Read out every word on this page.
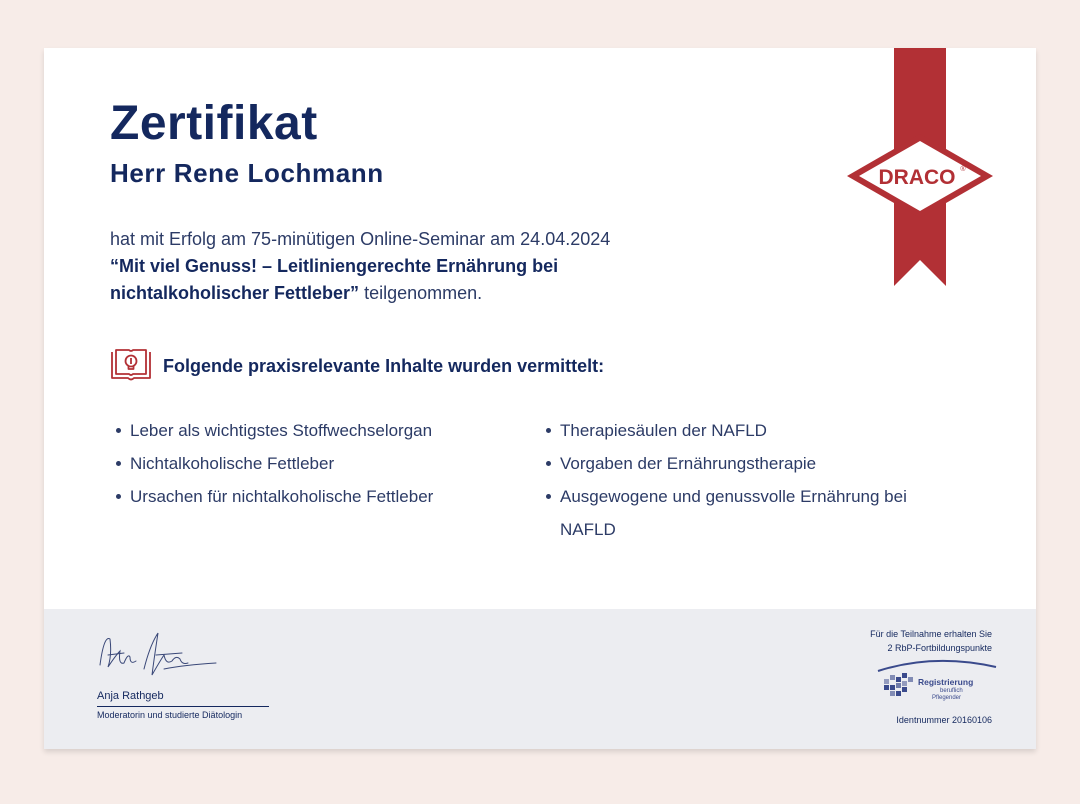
Zertifikat
Herr Rene Lochmann
hat mit Erfolg am 75-minütigen Online-Seminar am 24.04.2024
“Mit viel Genuss! – Leitliniengerechte Ernährung bei
nichtalkoholischer Fettleber” teilgenommen.
DRACO ®
Folgende praxisrelevante Inhalte wurden vermittelt:
Leber als wichtigstes Stoffwechselorgan
Nichtalkoholische Fettleber
Ursachen für nichtalkoholische Fettleber
Therapiesäulen der NAFLD
Vorgaben der Ernährungstherapie
Ausgewogene und genussvolle Ernährung bei NAFLD
Anja Rathgeb
Moderatorin und studierte Diätologin
Für die Teilnahme erhalten Sie
2 RbP-Fortbildungspunkte
Registrierung
beruflich
Pflegender
Identnummer 20160106
